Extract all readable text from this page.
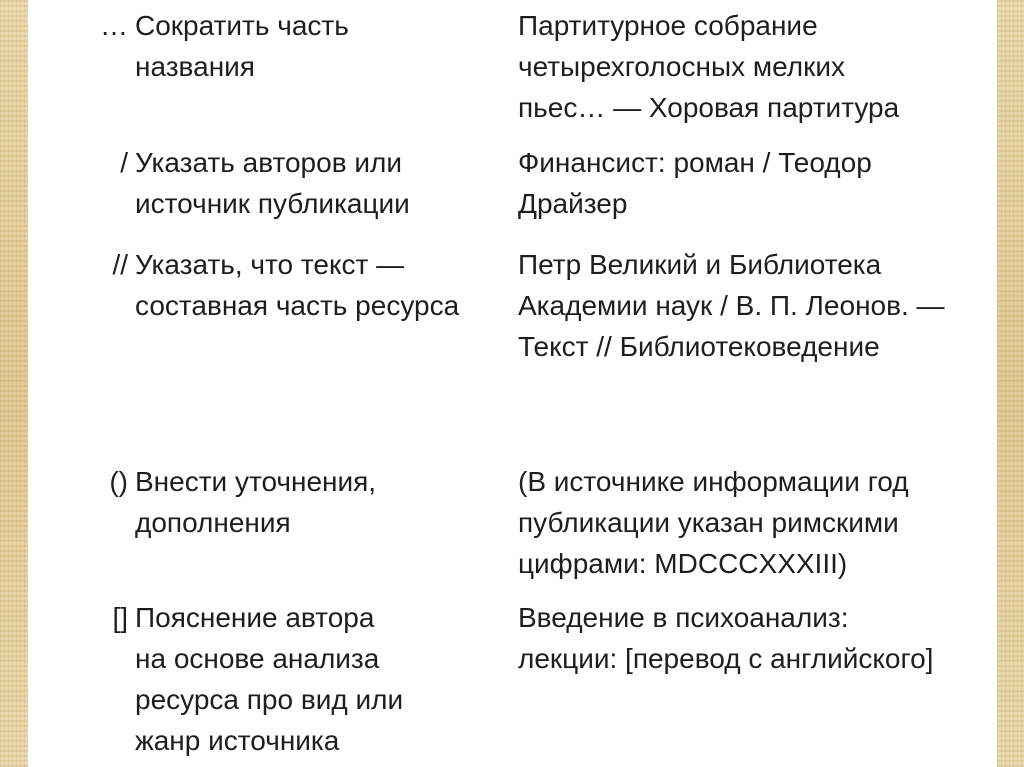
… Сократить часть
названия
Партитурное собрание
четырехголосных мелких
пьес… — Хоровая партитура
/ Указать авторов или
источник публикации
Финансист: роман / Теодор
Драйзер
// Указать, что текст —
составная часть ресурса
Петр Великий и Библиотека
Академии наук / В. П. Леонов. —
Текст // Библиотековедение
() Внести уточнения,
дополнения
(В источнике информации год
публикации указан римскими
цифрами: MDCCCXXXIII)
[] Пояснение автора
на основе анализа
ресурса про вид или
жанр источника
Введение в психоанализ:
лекции: [перевод с английского]
